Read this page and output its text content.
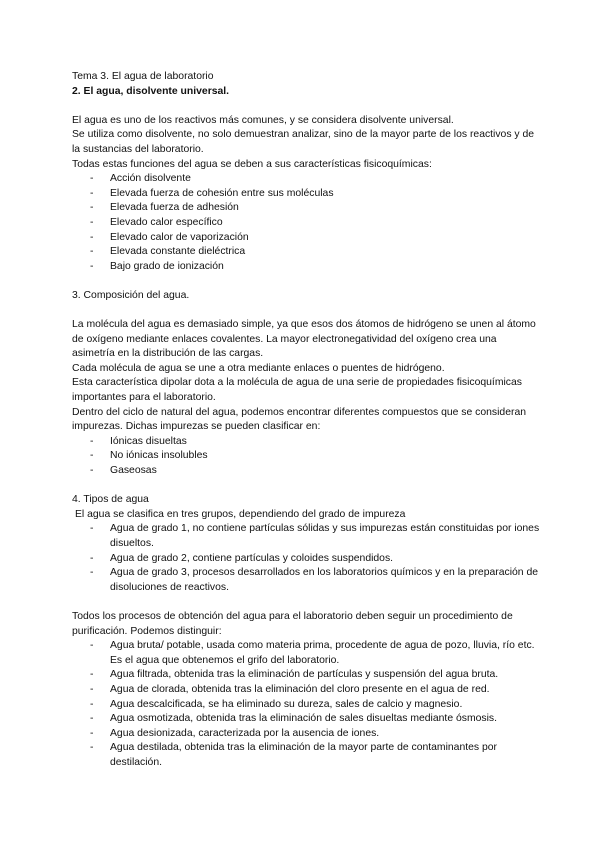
Tema 3. El agua de laboratorio

2. El agua, disolvente universal.

El agua es uno de los reactivos más comunes, y se considera disolvente universal.

Se utiliza como disolvente, no solo demuestran analizar, sino de la mayor parte de los reactivos y de la sustancias del laboratorio.

Todas estas funciones del agua se deben a sus características fisicoquímicas:

- Acción disolvente
- Elevada fuerza de cohesión entre sus moléculas
- Elevada fuerza de adhesión
- Elevado calor específico
- Elevado calor de vaporización
- Elevada constante dieléctrica
- Bajo grado de ionización

3. Composición del agua.

La molécula del agua es demasiado simple, ya que esos dos átomos de hidrógeno se unen al átomo de oxígeno mediante enlaces covalentes. La mayor electronegatividad del oxígeno crea una asimetría en la distribución de las cargas.

Cada molécula de agua se une a otra mediante enlaces o puentes de hidrógeno.

Esta característica dipolar dota a la molécula de agua de una serie de propiedades fisicoquímicas importantes para el laboratorio.

Dentro del ciclo de natural del agua, podemos encontrar diferentes compuestos que se consideran impurezas. Dichas impurezas se pueden clasificar en:

- Iónicas disueltas
- No iónicas insolubles
- Gaseosas

4. Tipos de agua

El agua se clasifica en tres grupos, dependiendo del grado de impureza

- Agua de grado 1, no contiene partículas sólidas y sus impurezas están constituidas por iones disueltos.
- Agua de grado 2, contiene partículas y coloides suspendidos.
- Agua de grado 3, procesos desarrollados en los laboratorios químicos y en la preparación de disoluciones de reactivos.

Todos los procesos de obtención del agua para el laboratorio deben seguir un procedimiento de purificación. Podemos distinguir:

- Agua bruta/ potable, usada como materia prima, procedente de agua de pozo, lluvia, río etc. Es el agua que obtenemos el grifo del laboratorio.
- Agua filtrada, obtenida tras la eliminación de partículas y suspensión del agua bruta.
- Agua de clorada, obtenida tras la eliminación del cloro presente en el agua de red.
- Agua descalcificada, se ha eliminado su dureza, sales de calcio y magnesio.
- Agua osmotizada, obtenida tras la eliminación de sales disueltas mediante ósmosis.
- Agua desionizada, caracterizada por la ausencia de iones.
- Agua destilada, obtenida tras la eliminación de la mayor parte de contaminantes por destilación.
